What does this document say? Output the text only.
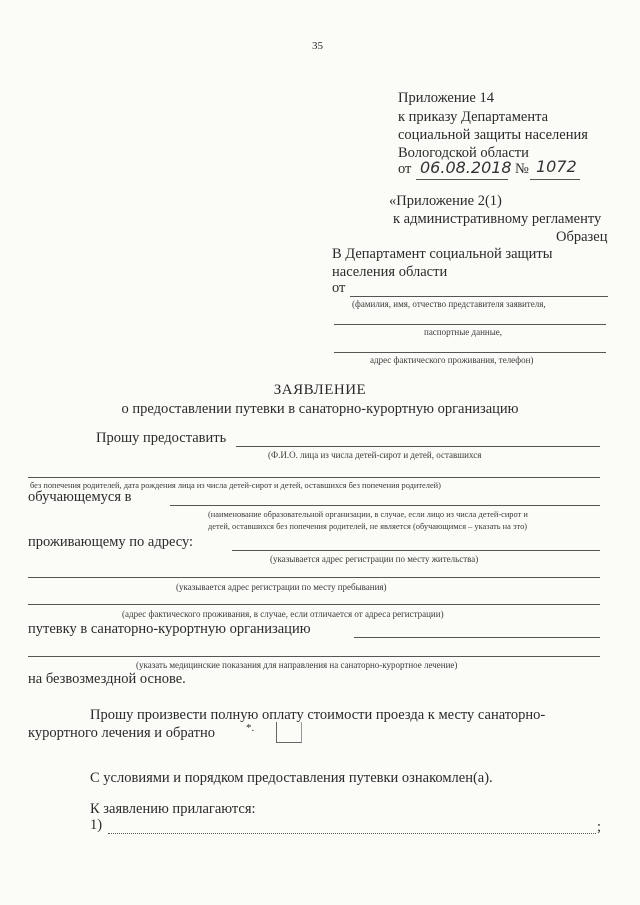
35
Приложение 14
к приказу Департамента
социальной защиты населения
Вологодской области
от 06.08.2018 № 1072
«Приложение 2(1)
к административному регламенту
Образец
В Департамент социальной защиты
населения области
от
(фамилия, имя, отчество представителя заявителя,
паспортные данные,
адрес фактического проживания, телефон)
ЗАЯВЛЕНИЕ
о предоставлении путевки в санаторно-курортную организацию
Прошу предоставить
(Ф.И.О. лица из числа детей-сирот и детей, оставшихся
без попечения родителей, дата рождения лица из числа детей-сирот и детей, оставшихся без попечения родителей)
обучающемуся в
(наименование образовательной организации, в случае, если лицо из числа детей-сирот и
детей, оставшихся без попечения родителей, не является (обучающимся – указать на это)
проживающему по адресу:
(указывается адрес регистрации по месту жительства)
(указывается адрес регистрации по месту пребывания)
(адрес фактического проживания, в случае, если отличается от адреса регистрации)
путевку в санаторно-курортную организацию
(указать медицинские показания для направления на санаторно-курортное лечение)
на безвозмездной основе.
Прошу произвести полную оплату стоимости проезда к месту санаторно-
курортного лечения и обратно	*.
С условиями и порядком предоставления путевки ознакомлен(а).
К заявлению прилагаются:
1)	;
